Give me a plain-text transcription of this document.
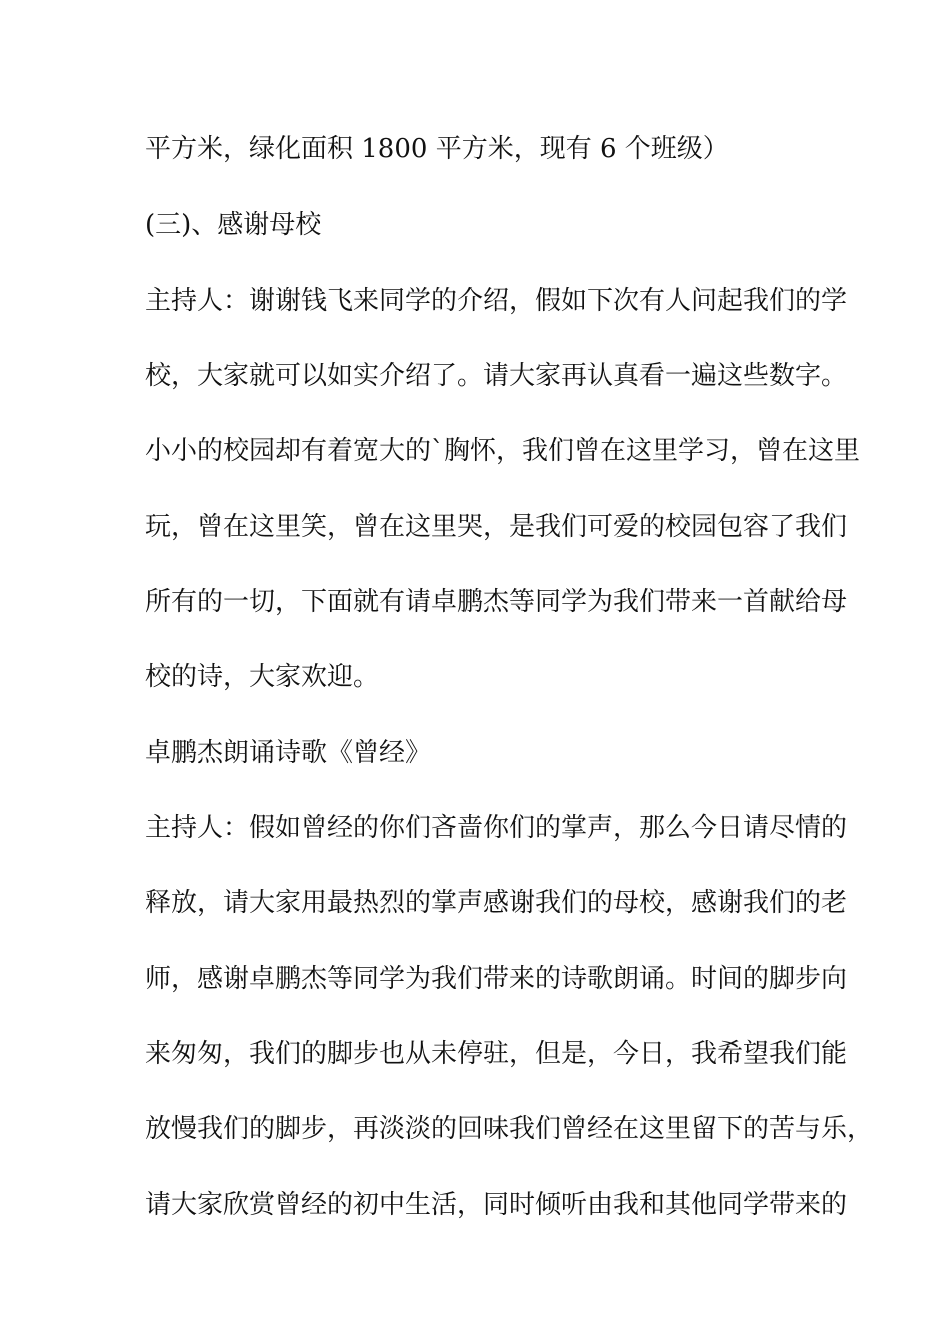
平方米，绿化面积 1800 平方米，现有 6 个班级）
(三)、感谢母校
主持人：谢谢钱飞来同学的介绍，假如下次有人问起我们的学
校，大家就可以如实介绍了。请大家再认真看一遍这些数字。
小小的校园却有着宽大的`胸怀，我们曾在这里学习，曾在这里
玩，曾在这里笑，曾在这里哭，是我们可爱的校园包容了我们
所有的一切，下面就有请卓鹏杰等同学为我们带来一首献给母
校的诗，大家欢迎。
卓鹏杰朗诵诗歌《曾经》
主持人：假如曾经的你们吝啬你们的掌声，那么今日请尽情的
释放，请大家用最热烈的掌声感谢我们的母校，感谢我们的老
师，感谢卓鹏杰等同学为我们带来的诗歌朗诵。时间的脚步向
来匆匆，我们的脚步也从未停驻，但是，今日，我希望我们能
放慢我们的脚步，再淡淡的回味我们曾经在这里留下的苦与乐，
请大家欣赏曾经的初中生活，同时倾听由我和其他同学带来的
